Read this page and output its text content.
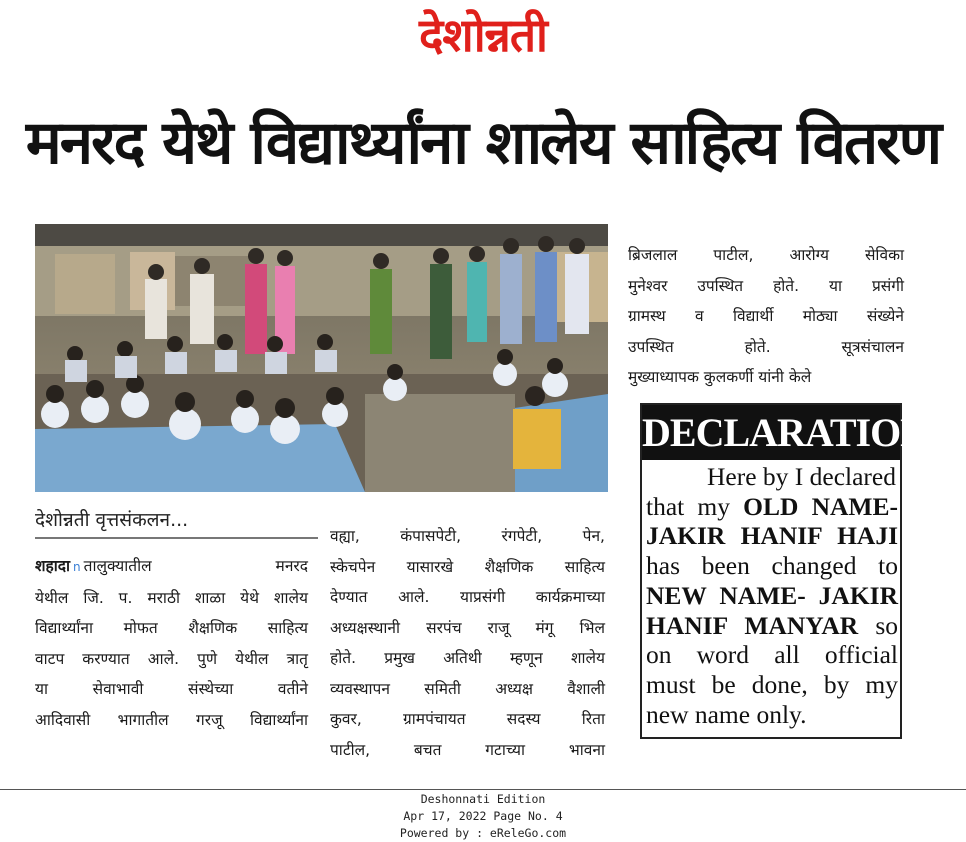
देशोन्नती
मनरद येथे विद्यार्थ्यांना शालेय साहित्य वितरण
देशोन्नती वृत्तसंकलन...

शहादा n तालुक्यातील मनरद

येथील जि. प. मराठी शाळा येथे शालेय

विद्यार्थ्यांना मोफत शैक्षणिक साहित्य

वाटप करण्यात आले. पुणे येथील त्रातृ

या सेवाभावी संस्थेच्या वतीने

आदिवासी भागातील गरजू विद्यार्थ्यांना

वह्या, कंपासपेटी, रंगपेटी, पेन,

स्केचपेन यासारखे शैक्षणिक साहित्य

देण्यात आले. याप्रसंगी कार्यक्रमाच्या

अध्यक्षस्थानी सरपंच राजू मंगू भिल

होते. प्रमुख अतिथी म्हणून शालेय

व्यवस्थापन समिती अध्यक्ष वैशाली

कुवर, ग्रामपंचायत सदस्य रिता

पाटील, बचत गटाच्या भावना

ब्रिजलाल पाटील, आरोग्य सेविका

मुनेश्वर उपस्थित होते. या प्रसंगी

ग्रामस्थ व विद्यार्थी मोठ्या संख्येने

उपस्थित होते. सूत्रसंचालन

मुख्याध्यापक कुलकर्णी यांनी केले

DECLARATION
Here by I declared
that my OLD NAME-
JAKIR HANIF HAJI
has been changed to
NEW NAME- JAKIR
HANIF MANYAR so
on word all official
must be done, by my
new name only.
Deshonnati Edition
Apr 17, 2022 Page No. 4
Powered by : eReleGo.com
